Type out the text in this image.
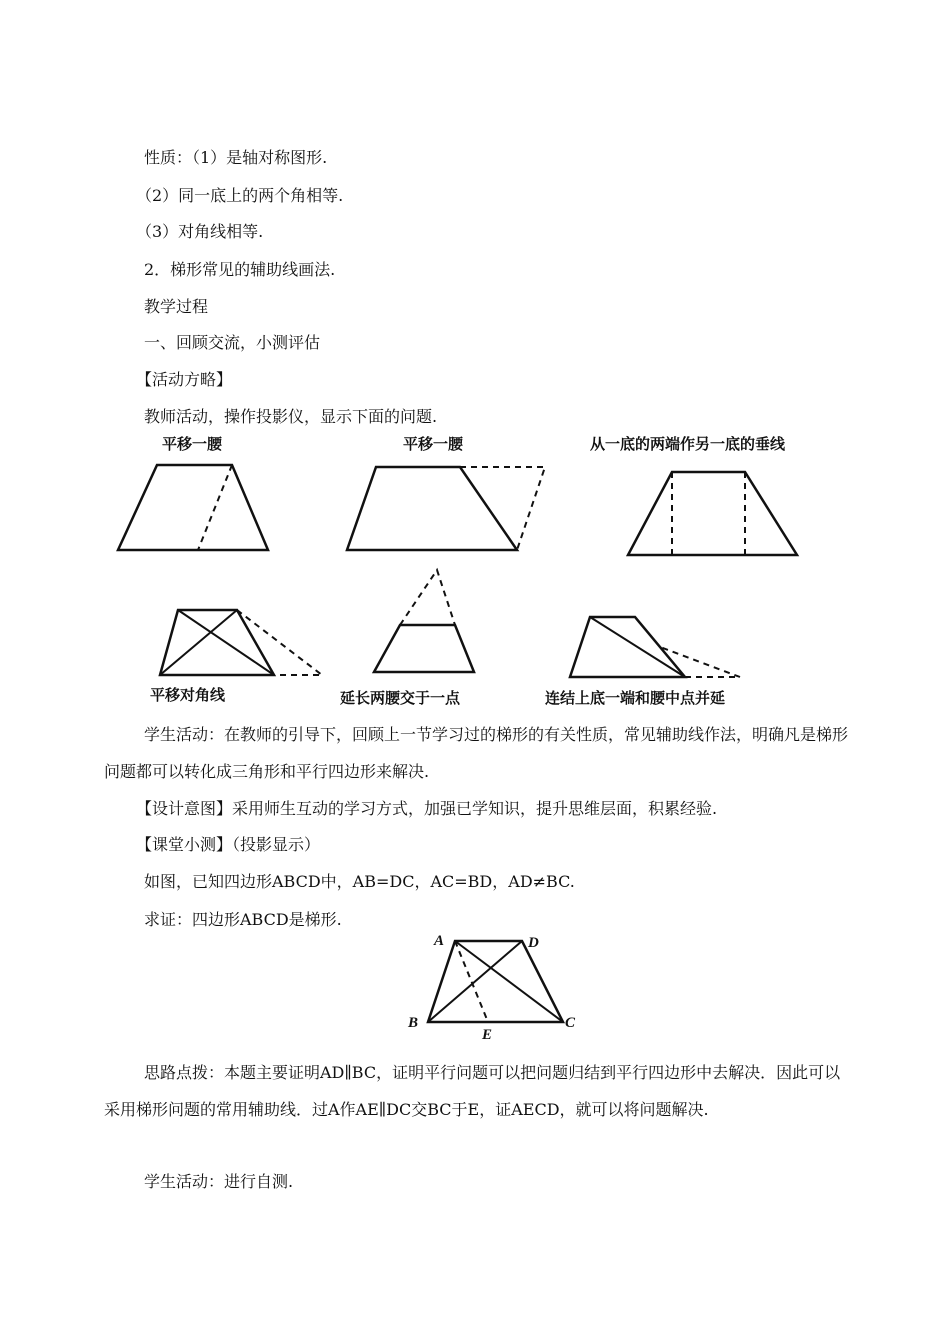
性质：（1）是轴对称图形.
（2）同一底上的两个角相等.
（3）对角线相等.
2．梯形常见的辅助线画法.
教学过程
一、回顾交流，小测评估
【活动方略】
教师活动，操作投影仪，显示下面的问题.
平移一腰	平移一腰	从一底的两端作另一底的垂线
平移对角线	延长两腰交于一点	连结上底一端和腰中点并延
学生活动：在教师的引导下，回顾上一节学习过的梯形的有关性质，常见辅助线作法，明确凡是梯形问题都可以转化成三角形和平行四边形来解决.
【设计意图】采用师生互动的学习方式，加强已学知识，提升思维层面，积累经验.
【课堂小测】（投影显示）
如图，已知四边形ABCD中，AB=DC，AC=BD，AD≠BC.
求证：四边形ABCD是梯形.
A	D
B	C
E
思路点拨：本题主要证明AD∥BC，证明平行问题可以把问题归结到平行四边形中去解决．因此可以采用梯形问题的常用辅助线．过A作AE∥DC交BC于E，证AECD，就可以将问题解决.
学生活动：进行自测.
